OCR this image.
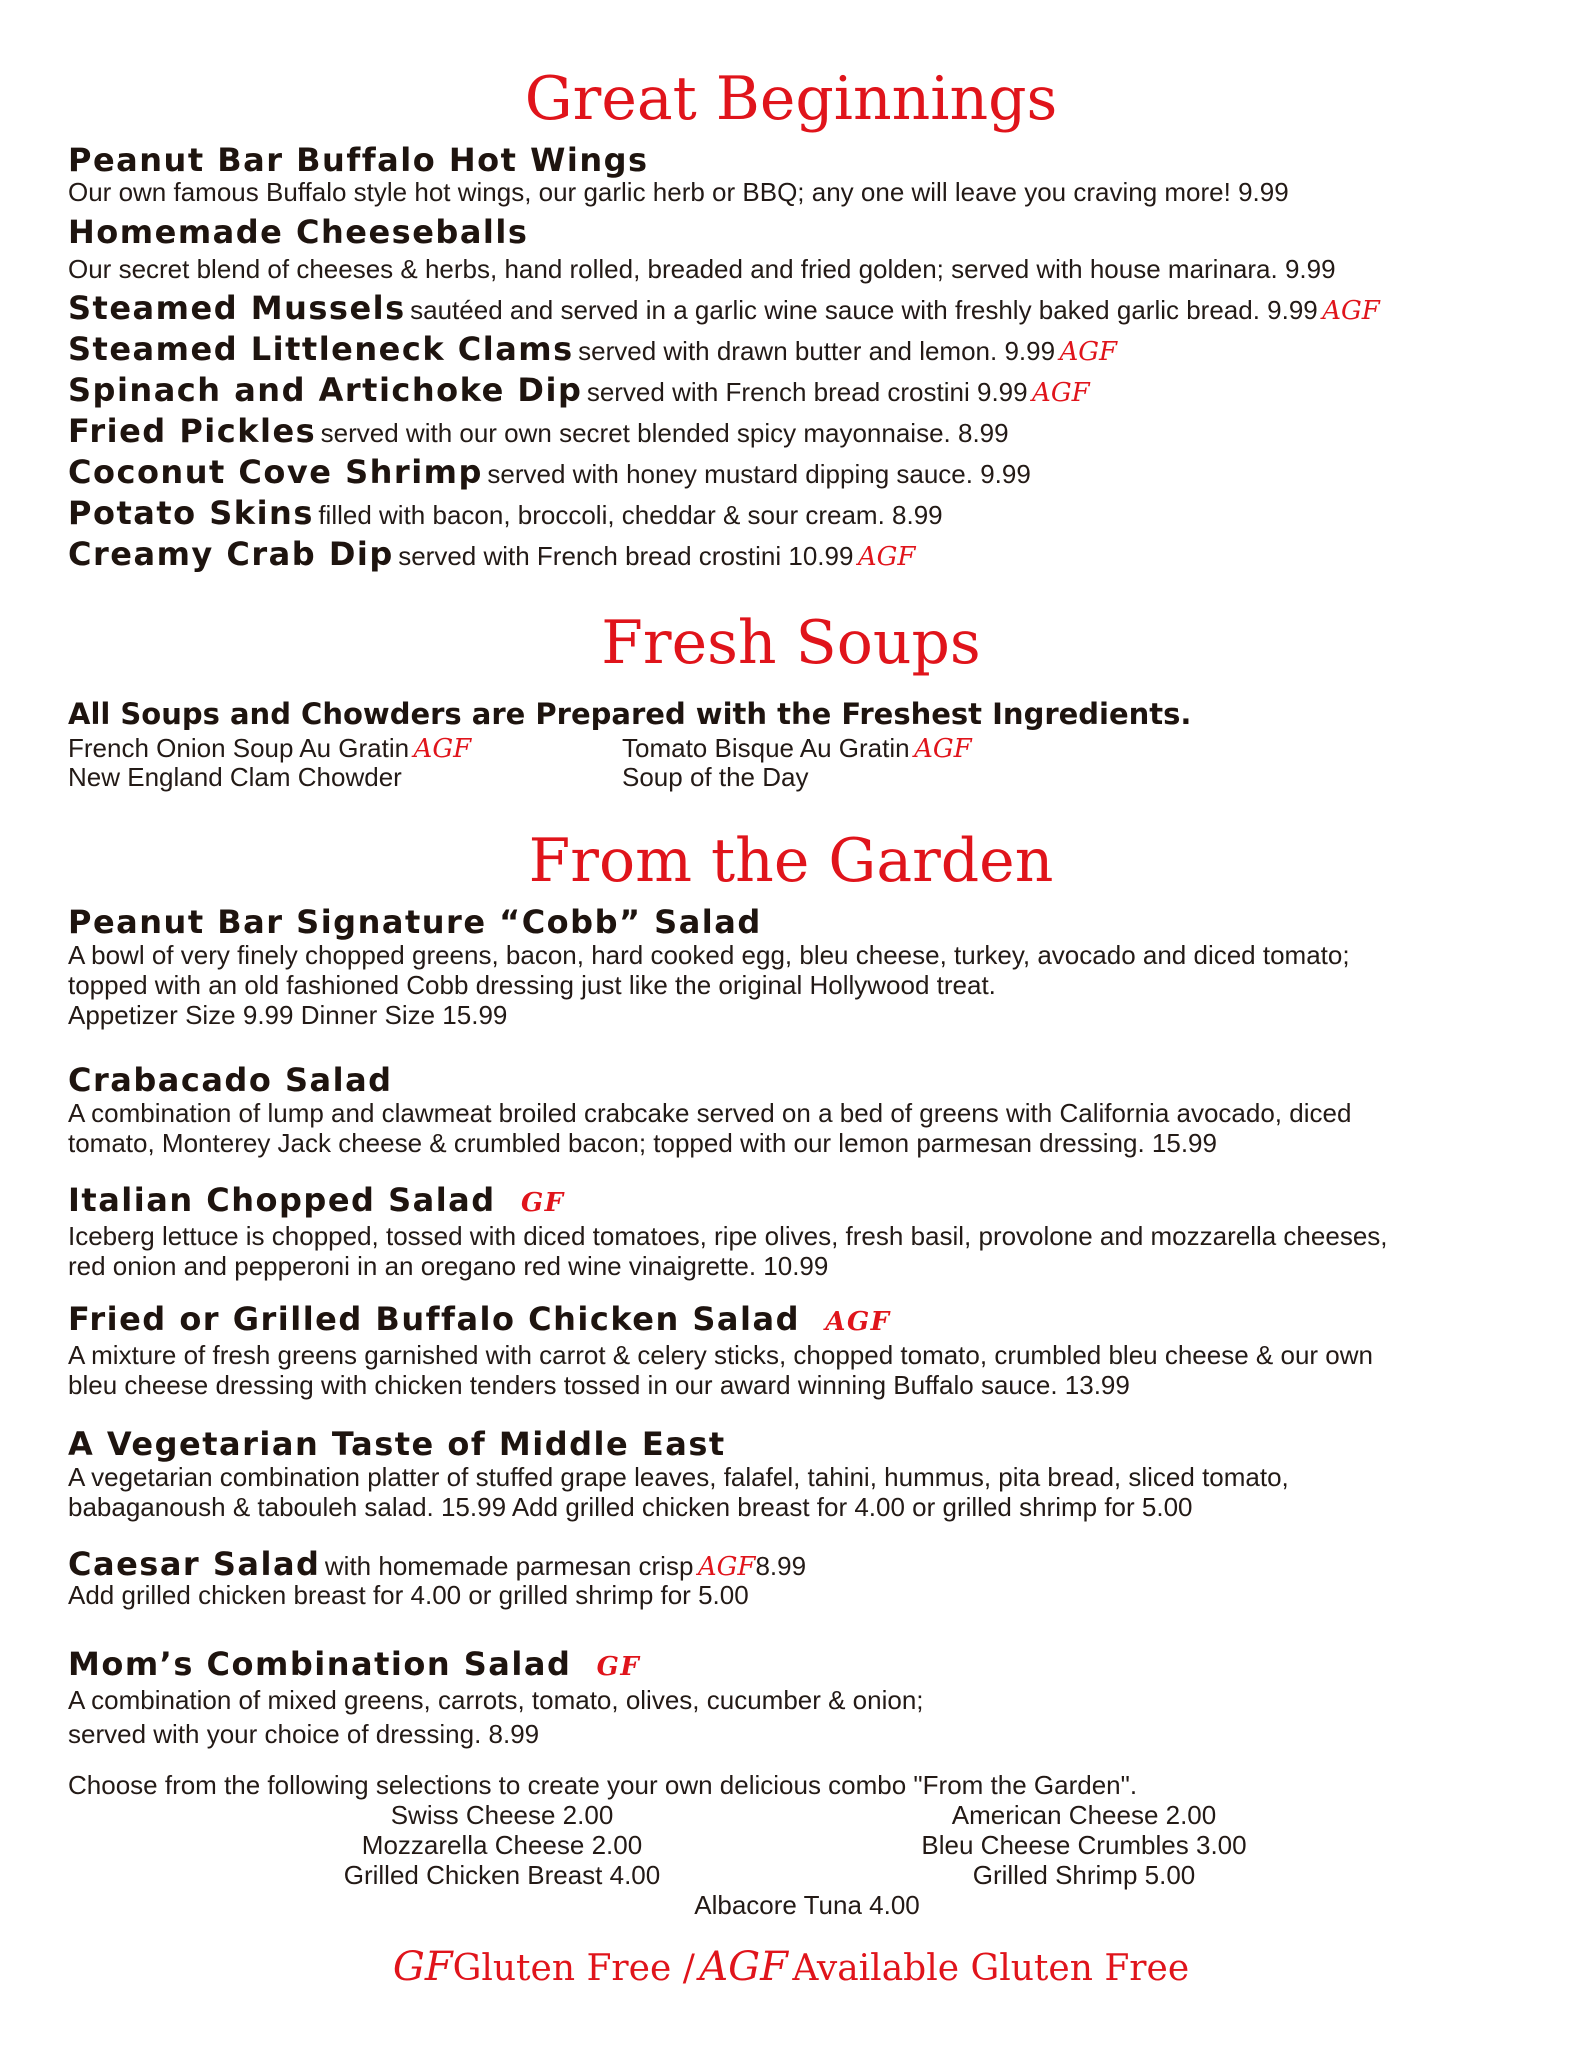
Great Beginnings
Peanut Bar Buffalo Hot Wings
Our own famous Buffalo style hot wings, our garlic herb or BBQ; any one will leave you craving more! 9.99
Homemade Cheeseballs
Our secret blend of cheeses & herbs, hand rolled, breaded and fried golden; served with house marinara. 9.99
Steamed Mussels sautéed and served in a garlic wine sauce with freshly baked garlic bread. 9.99 AGF
Steamed Littleneck Clams served with drawn butter and lemon. 9.99 AGF
Spinach and Artichoke Dip served with French bread crostini 9.99 AGF
Fried Pickles served with our own secret blended spicy mayonnaise. 8.99
Coconut Cove Shrimp served with honey mustard dipping sauce. 9.99
Potato Skins filled with bacon, broccoli, cheddar & sour cream. 8.99
Creamy Crab Dip served with French bread crostini 10.99 AGF
Fresh Soups
All Soups and Chowders are Prepared with the Freshest Ingredients.
French Onion Soup Au Gratin AGF	Tomato Bisque Au Gratin AGF
New England Clam Chowder	Soup of the Day
From the Garden
Peanut Bar Signature “Cobb” Salad
A bowl of very finely chopped greens, bacon, hard cooked egg, bleu cheese, turkey, avocado and diced tomato;
topped with an old fashioned Cobb dressing just like the original Hollywood treat.
Appetizer Size 9.99 Dinner Size 15.99
Crabacado Salad
A combination of lump and clawmeat broiled crabcake served on a bed of greens with California avocado, diced
tomato, Monterey Jack cheese & crumbled bacon; topped with our lemon parmesan dressing. 15.99
Italian Chopped Salad GF
Iceberg lettuce is chopped, tossed with diced tomatoes, ripe olives, fresh basil, provolone and mozzarella cheeses,
red onion and pepperoni in an oregano red wine vinaigrette. 10.99
Fried or Grilled Buffalo Chicken Salad AGF
A mixture of fresh greens garnished with carrot & celery sticks, chopped tomato, crumbled bleu cheese & our own
bleu cheese dressing with chicken tenders tossed in our award winning Buffalo sauce. 13.99
A Vegetarian Taste of Middle East
A vegetarian combination platter of stuffed grape leaves, falafel, tahini, hummus, pita bread, sliced tomato,
babaganoush & tabouleh salad. 15.99 Add grilled chicken breast for 4.00 or grilled shrimp for 5.00
Caesar Salad with homemade parmesan crisp AGF8.99
Add grilled chicken breast for 4.00 or grilled shrimp for 5.00
Mom’s Combination Salad GF
A combination of mixed greens, carrots, tomato, olives, cucumber & onion;
served with your choice of dressing. 8.99
Choose from the following selections to create your own delicious combo "From the Garden".
Swiss Cheese 2.00
Mozzarella Cheese 2.00
Grilled Chicken Breast 4.00
American Cheese 2.00
Bleu Cheese Crumbles 3.00
Grilled Shrimp 5.00
Albacore Tuna 4.00
GFGluten Free / AGF Available Gluten Free
